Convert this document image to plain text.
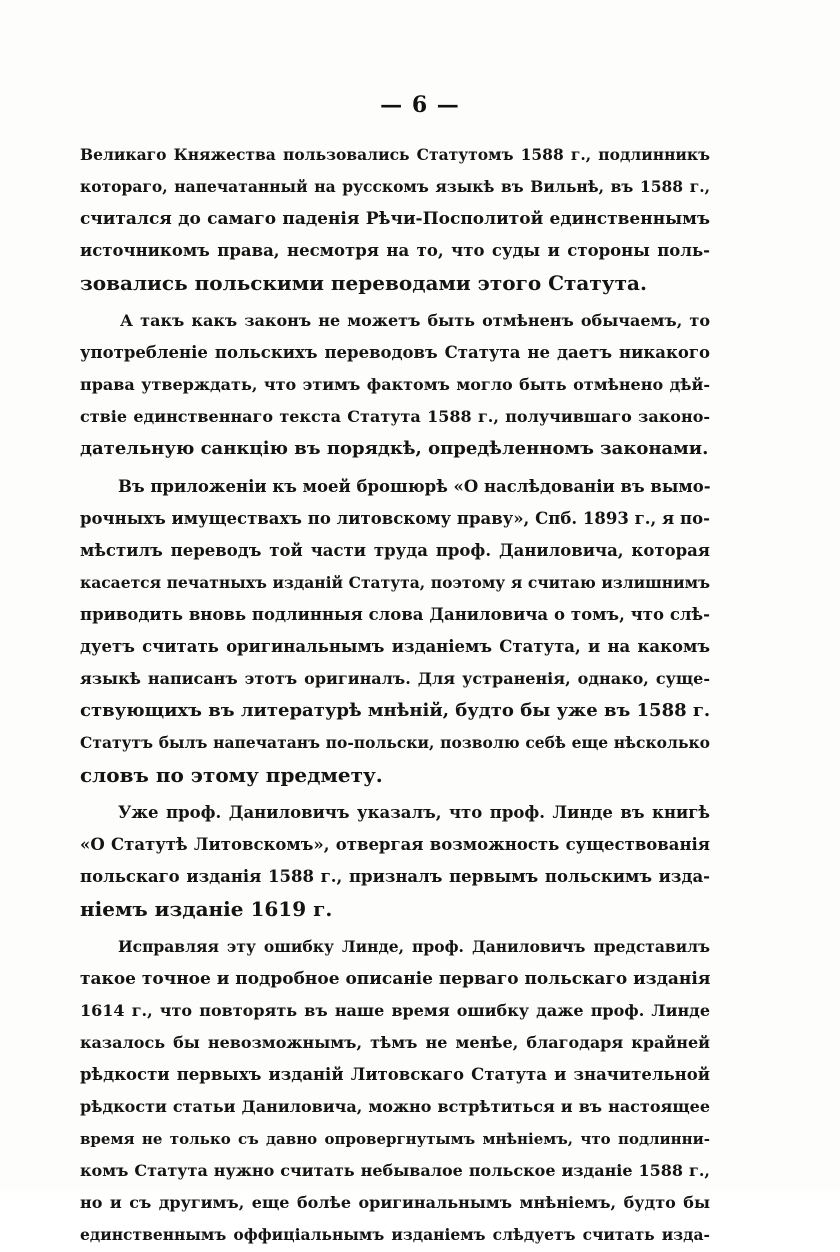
— 6 —
Великаго Княжества пользовались Статутомъ 1588 г., подлинникъ
котораго, напечатанный на русскомъ языкѣ въ Вильнѣ, въ 1588 г.,
считался до самаго паденія Рѣчи-Посполитой единственнымъ
источникомъ права, несмотря на то, что суды и стороны поль-
зовались польскими переводами этого Статута.
А такъ какъ законъ не можетъ быть отмѣненъ обычаемъ, то
употребленіе польскихъ переводовъ Статута не даетъ никакого
права утверждать, что этимъ фактомъ могло быть отмѣнено дѣй-
ствіе единственнаго текста Статута 1588 г., получившаго законо-
дательную санкцію въ порядкѣ, опредѣленномъ законами.
Въ приложеніи къ моей брошюрѣ «О наслѣдованіи въ вымо-
рочныхъ имуществахъ по литовскому праву», Спб. 1893 г., я по-
мѣстилъ переводъ той части труда проф. Даниловича, которая
касается печатныхъ изданій Статута, поэтому я считаю излишнимъ
приводить вновь подлинныя слова Даниловича о томъ, что слѣ-
дуетъ считать оригинальнымъ изданіемъ Статута, и на какомъ
языкѣ написанъ этотъ оригиналъ. Для устраненія, однако, суще-
ствующихъ въ литературѣ мнѣній, будто бы уже въ 1588 г.
Статутъ былъ напечатанъ по-польски, позволю себѣ еще нѣсколько
словъ по этому предмету.
Уже проф. Даниловичъ указалъ, что проф. Линде въ книгѣ
«О Статутѣ Литовскомъ», отвергая возможность существованія
польскаго изданія 1588 г., призналъ первымъ польскимъ изда-
ніемъ изданіе 1619 г.
Исправляя эту ошибку Линде, проф. Даниловичъ представилъ
такое точное и подробное описаніе перваго польскаго изданія
1614 г., что повторять въ наше время ошибку даже проф. Линде
казалось бы невозможнымъ, тѣмъ не менѣе, благодаря крайней
рѣдкости первыхъ изданій Литовскаго Статута и значительной
рѣдкости статьи Даниловича, можно встрѣтиться и въ настоящее
время не только съ давно опровергнутымъ мнѣніемъ, что подлинни-
комъ Статута нужно считать небывалое польское изданіе 1588 г.,
но и съ другимъ, еще болѣе оригинальнымъ мнѣніемъ, будто бы
единственнымъ оффиціальнымъ изданіемъ слѣдуетъ считать изда-
